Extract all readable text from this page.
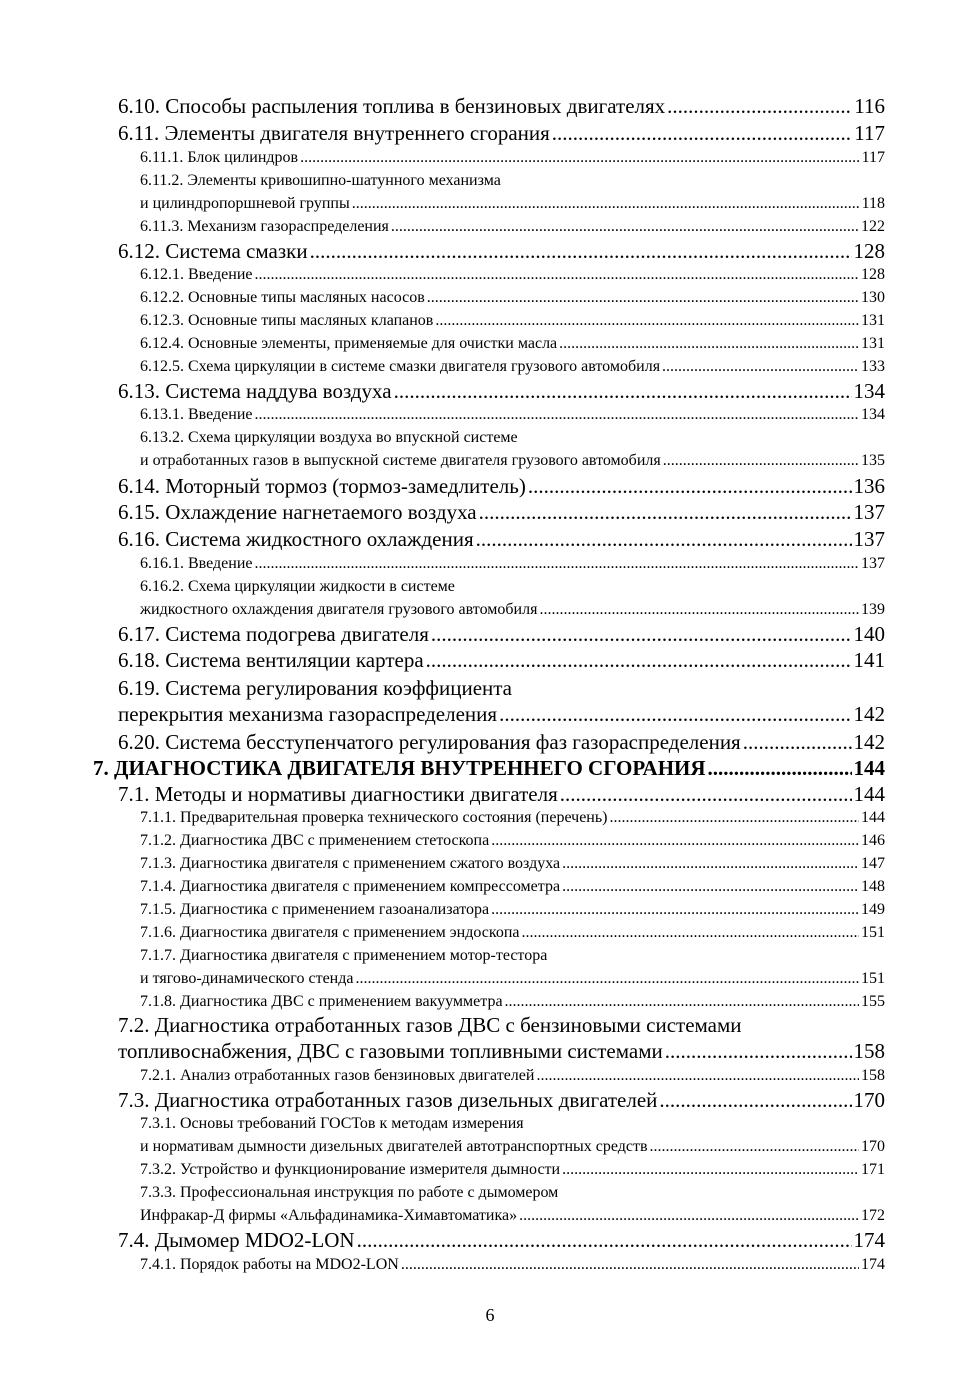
6.10. Способы распыления топлива в бензиновых двигателях .....	116
6.11. Элементы двигателя внутреннего сгорания .....	117
6.11.1. Блок цилиндров .....	117
6.11.2. Элементы кривошипно-шатунного механизма
и цилиндропоршневой группы .....	118
6.11.3. Механизм газораспределения .....	122
6.12. Система смазки .....	128
6.12.1. Введение .....	128
6.12.2. Основные типы масляных насосов .....	130
6.12.3. Основные типы масляных клапанов .....	131
6.12.4. Основные элементы, применяемые для очистки масла .....	131
6.12.5. Схема циркуляции в системе смазки двигателя грузового автомобиля .....	133
6.13. Система наддува воздуха .....	134
6.13.1. Введение .....	134
6.13.2. Схема циркуляции воздуха во впускной системе
и отработанных газов в выпускной системе двигателя грузового автомобиля .....	135
6.14. Моторный тормоз (тормоз-замедлитель) .....	136
6.15. Охлаждение нагнетаемого воздуха .....	137
6.16. Система жидкостного охлаждения .....	137
6.16.1. Введение .....	137
6.16.2. Схема циркуляции жидкости в системе
жидкостного охлаждения двигателя грузового автомобиля .....	139
6.17. Система подогрева двигателя .....	140
6.18. Система вентиляции картера .....	141
6.19. Система регулирования коэффициента
перекрытия механизма газораспределения .....	142
6.20. Система бесступенчатого регулирования фаз газораспределения .....	142
7. ДИАГНОСТИКА ДВИГАТЕЛЯ ВНУТРЕННЕГО СГОРАНИЯ .....	144
7.1. Методы и нормативы диагностики двигателя .....	144
7.1.1. Предварительная проверка технического состояния (перечень) .....	144
7.1.2. Диагностика ДВС с применением стетоскопа .....	146
7.1.3. Диагностика двигателя с применением сжатого воздуха .....	147
7.1.4. Диагностика двигателя с применением компрессометра .....	148
7.1.5. Диагностика с применением газоанализатора .....	149
7.1.6. Диагностика двигателя с применением эндоскопа .....	151
7.1.7. Диагностика двигателя с применением мотор-тестора
и тягово-динамического стенда .....	151
7.1.8. Диагностика ДВС с применением вакуумметра .....	155
7.2. Диагностика отработанных газов ДВС с бензиновыми системами
топливоснабжения, ДВС с газовыми топливными системами .....	158
7.2.1. Анализ отработанных газов бензиновых двигателей .....	158
7.3. Диагностика отработанных газов дизельных двигателей .....	170
7.3.1. Основы требований ГОСТов к методам измерения
и нормативам дымности дизельных двигателей автотранспортных средств .....	170
7.3.2. Устройство и функционирование измерителя дымности .....	171
7.3.3. Профессиональная инструкция по работе с дымомером
Инфракар-Д фирмы «Альфадинамика-Химавтоматика» .....	172
7.4. Дымомер MDO2-LON .....	174
7.4.1. Порядок работы на MDO2-LON .....	174
6
